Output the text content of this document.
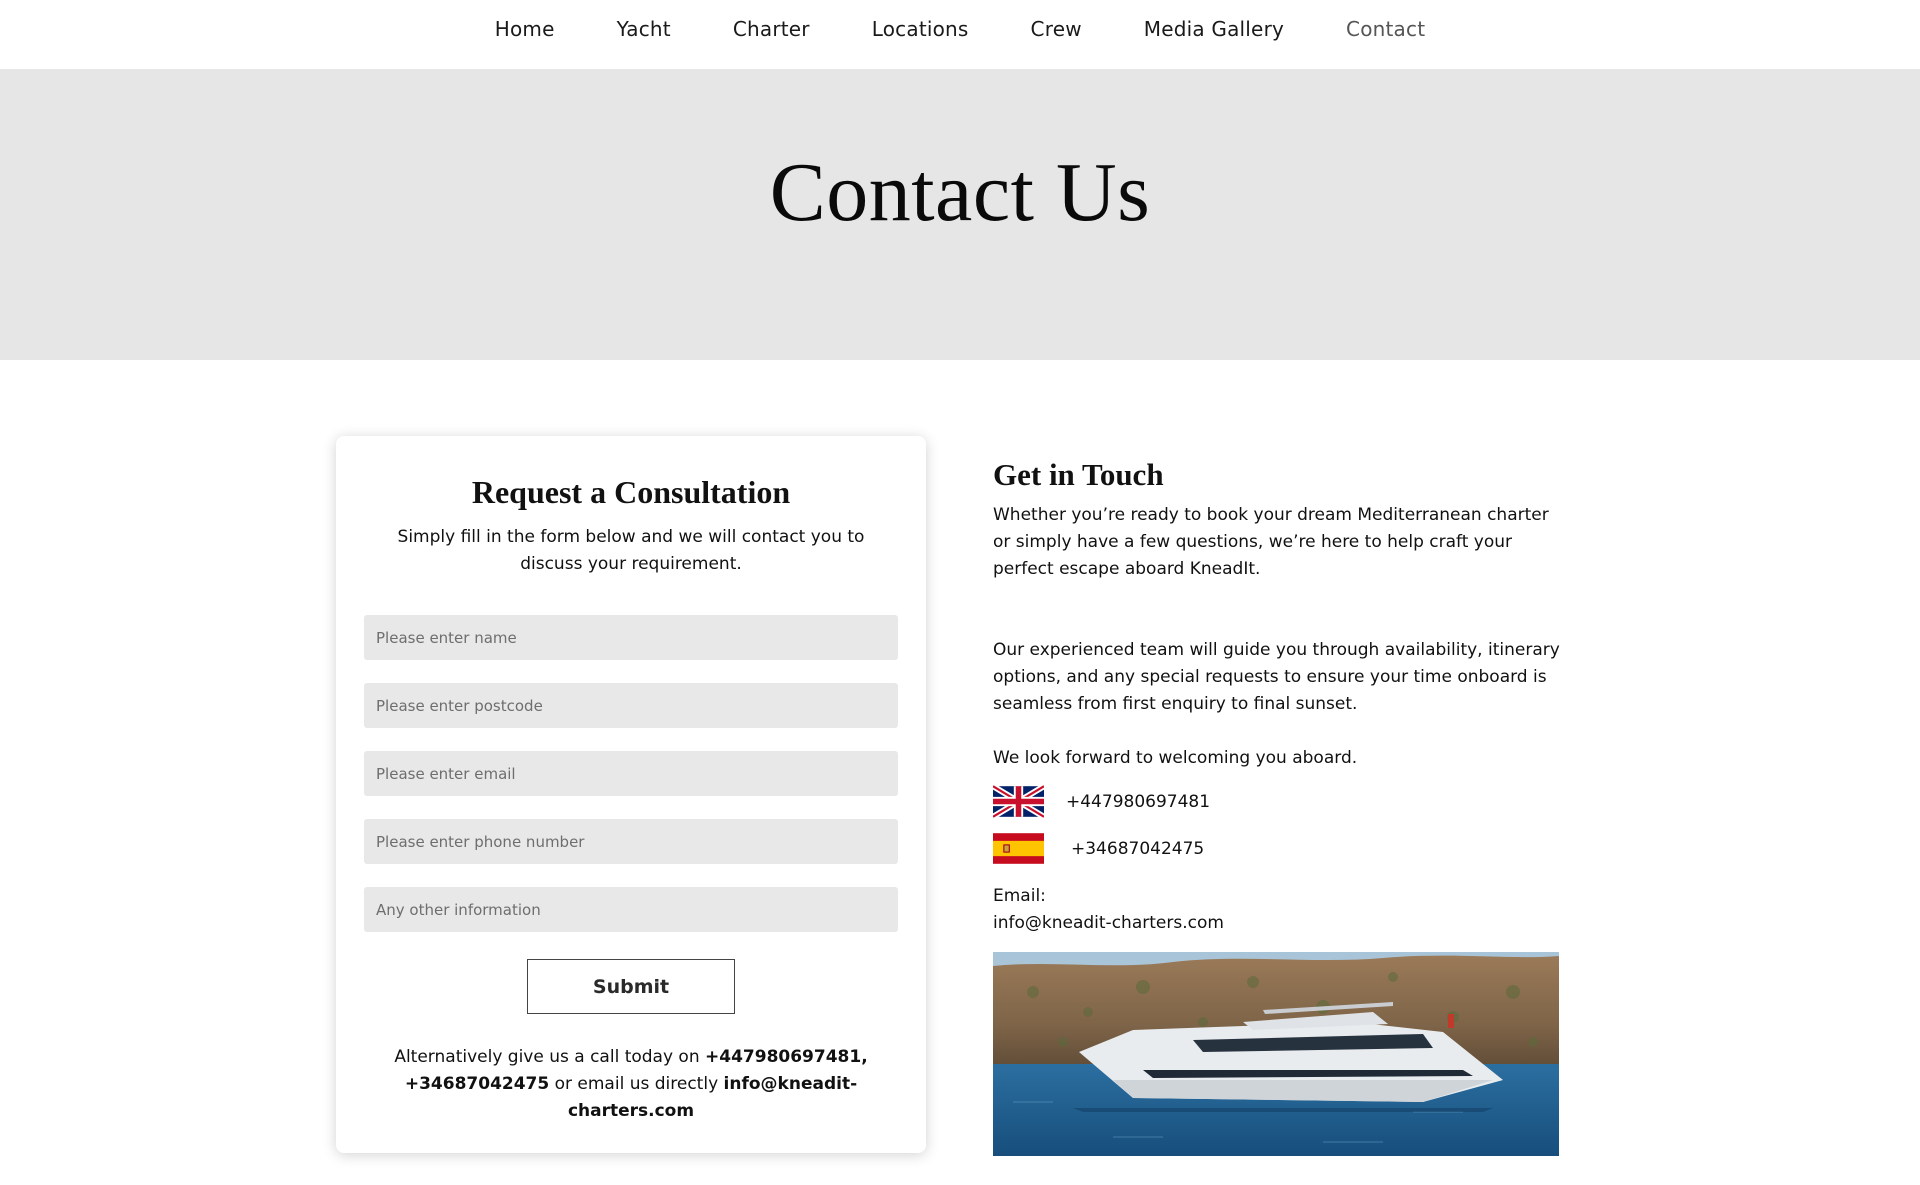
Home	Yacht	Charter	Locations	Crew	Media Gallery	Contact
Contact Us
Request a Consultation

Simply fill in the form below and we will contact you to discuss your requirement.

Please enter name
Please enter postcode
Please enter email
Please enter phone number
Any other information
Submit

Alternatively give us a call today on +447980697481, +34687042475 or email us directly info@kneadit-charters.com

Get in Touch

Whether you’re ready to book your dream Mediterranean charter or simply have a few questions, we’re here to help craft your perfect escape aboard KneadIt.

Our experienced team will guide you through availability, itinerary options, and any special requests to ensure your time onboard is seamless from first enquiry to final sunset.

We look forward to welcoming you aboard.

+447980697481
+34687042475

Email:

info@kneadit-charters.com
